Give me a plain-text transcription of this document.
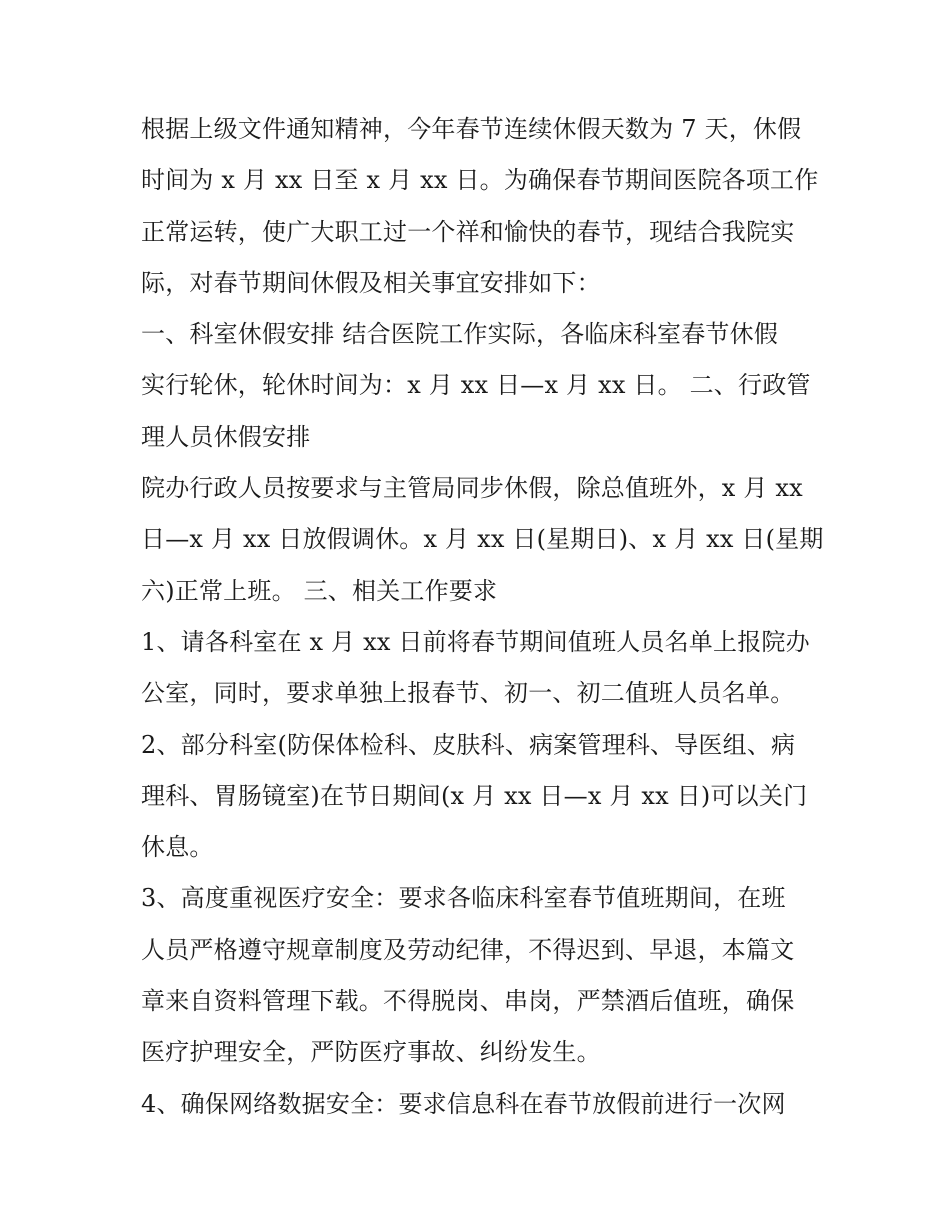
根据上级文件通知精神，今年春节连续休假天数为 7 天，休假
时间为 x 月 xx 日至 x 月 xx 日。为确保春节期间医院各项工作
正常运转，使广大职工过一个祥和愉快的春节，现结合我院实
际，对春节期间休假及相关事宜安排如下：
一、科室休假安排 结合医院工作实际，各临床科室春节休假
实行轮休，轮休时间为：x 月 xx 日—x 月 xx 日。 二、行政管
理人员休假安排
院办行政人员按要求与主管局同步休假，除总值班外，x 月 xx
日—x 月 xx 日放假调休。x 月 xx 日(星期日)、x 月 xx 日(星期
六)正常上班。 三、相关工作要求
1、请各科室在 x 月 xx 日前将春节期间值班人员名单上报院办
公室，同时，要求单独上报春节、初一、初二值班人员名单。
2、部分科室(防保体检科、皮肤科、病案管理科、导医组、病
理科、胃肠镜室)在节日期间(x 月 xx 日—x 月 xx 日)可以关门
休息。
3、高度重视医疗安全：要求各临床科室春节值班期间，在班
人员严格遵守规章制度及劳动纪律，不得迟到、早退，本篇文
章来自资料管理下载。不得脱岗、串岗，严禁酒后值班，确保
医疗护理安全，严防医疗事故、纠纷发生。
4、确保网络数据安全：要求信息科在春节放假前进行一次网
